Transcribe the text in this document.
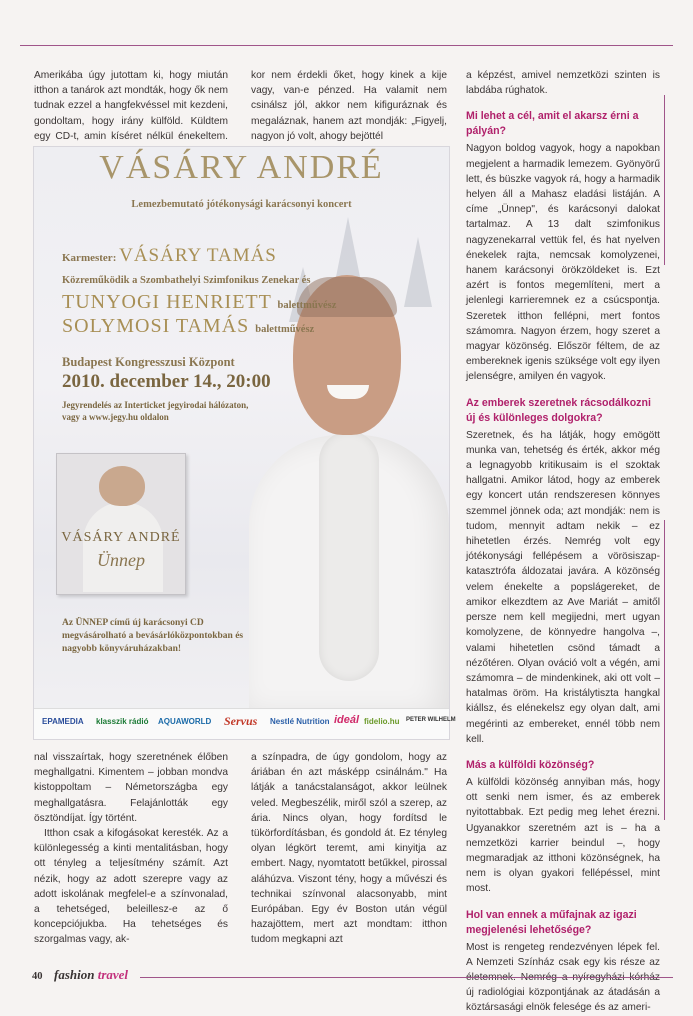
Amerikába úgy jutottam ki, hogy miután itthon a tanárok azt mondták, hogy ők nem tudnak ezzel a hangfekvéssel mit kezdeni, gondoltam, hogy irány külföld. Küldtem egy CD-t, amin kíséret nélkül énekeltem.

kor nem érdekli őket, hogy kinek a kije vagy, van-e pénzed. Ha valamit nem csinálsz jól, akkor nem kifiguráznak és megaláznak, hanem azt mondják: „Figyelj, nagyon jó volt, ahogy bejöttél

VÁSÁRY ANDRÉ
Lemezbemutató jótékonysági karácsonyi koncert
Karmester: VÁSÁRY TAMÁS
Közreműködik a Szombathelyi Szimfonikus Zenekar és
TUNYOGI HENRIETT balettművész
SOLYMOSI TAMÁS balettművész
Budapest Kongresszusi Központ
2010. december 14., 20:00
Jegyrendelés az Interticket jegyirodai hálózaton, vagy a www.jegy.hu oldalon
VÁSÁRY ANDRÉ
Ünnep
Az ÜNNEP című új karácsonyi CD megvásárolható a bevásárlóközpontokban és nagyobb könyváruházakban!
EPAMEDIA klasszik rádió AQUAWORLD Servus Nestlé Nutrition ideál fidelio.hu PETER WILHELM

nal visszaírtak, hogy szeretnének élőben meghallgatni. Kimentem – jobban mondva kistoppoltam – Németországba egy meghallgatásra. Felajánlották egy ösztöndíjat. Így történt.

Itthon csak a kifogásokat keresték. Az a különlegesség a kinti mentalitásban, hogy ott tényleg a teljesítmény számít. Azt nézik, hogy az adott szerepre vagy az adott iskolának megfelel-e a színvonalad, a tehetséged, beleillesz-e az ő koncepciójukba. Ha tehetséges és szorgalmas vagy, ak-

a színpadra, de úgy gondolom, hogy az áriában én azt másképp csinálnám." Ha látják a tanácstalanságot, akkor leülnek veled. Megbeszélik, miről szól a szerep, az ária. Nincs olyan, hogy fordítsd le tükörfordításban, és gondold át. Ez tényleg olyan légkört teremt, ami kinyitja az embert. Nagy, nyomtatott betűkkel, pirossal aláhúzva. Viszont tény, hogy a művészi és technikai színvonal alacsonyabb, mint Európában. Egy év Boston után végül hazajöttem, mert azt mondtam: itthon tudom megkapni azt

a képzést, amivel nemzetközi szinten is labdába rúghatok.

Mi lehet a cél, amit el akarsz érni a pályán?

Nagyon boldog vagyok, hogy a napokban megjelent a harmadik lemezem. Gyönyörű lett, és büszke vagyok rá, hogy a harmadik helyen áll a Mahasz eladási listáján. A címe „Ünnep", és karácsonyi dalokat tartalmaz. A 13 dalt szimfonikus nagyzenekarral vettük fel, és hat nyelven énekelek rajta, nemcsak komolyzenei, hanem karácsonyi örökzöldeket is. Ezt azért is fontos megemlíteni, mert a jelenlegi karrieremnek ez a csúcspontja. Szeretek itthon fellépni, mert fontos számomra. Nagyon érzem, hogy szeret a magyar közönség. Először féltem, de az embereknek igenis szüksége volt egy ilyen jelenségre, amilyen én vagyok.

Az emberek szeretnek rácsodálkozni új és különleges dolgokra?

Szeretnek, és ha látják, hogy emögött munka van, tehetség és érték, akkor még a legnagyobb kritikusaim is el szoktak hallgatni. Amikor látod, hogy az emberek egy koncert után rendszeresen könnyes szemmel jönnek oda; azt mondják: nem is tudom, mennyit adtam nekik – ez hihetetlen érzés. Nemrég volt egy jótékonysági fellépésem a vörösiszap-katasztrófa áldozatai javára. A közönség velem énekelte a popslágereket, de amikor elkezdtem az Ave Mariát – amitől persze nem kell megijedni, mert ugyan komolyzene, de könnyedre hangolva –, valami hihetetlen csönd támadt a nézőtéren. Olyan ováció volt a végén, ami számomra – de mindenkinek, aki ott volt – hatalmas öröm. Ha kristálytiszta hangkal kiállsz, és elénekelsz egy olyan dalt, ami megérinti az embereket, ennél több nem kell.

Más a külföldi közönség?

A külföldi közönség annyiban más, hogy ott senki nem ismer, és az emberek nyitottabbak. Ezt pedig meg lehet érezni. Ugyanakkor szeretném azt is – ha a nemzetközi karrier beindul –, hogy megmaradjak az itthoni közönségnek, ha nem is olyan gyakori fellépéssel, mint most.

Hol van ennek a műfajnak az igazi megjelenési lehetősége?

Most is rengeteg rendezvényen lépek fel. A Nemzeti Színház csak egy kis része az új radiológiai központjának az átadásán a köztársasági elnök felesége és az ameri-

40 fashion travel
